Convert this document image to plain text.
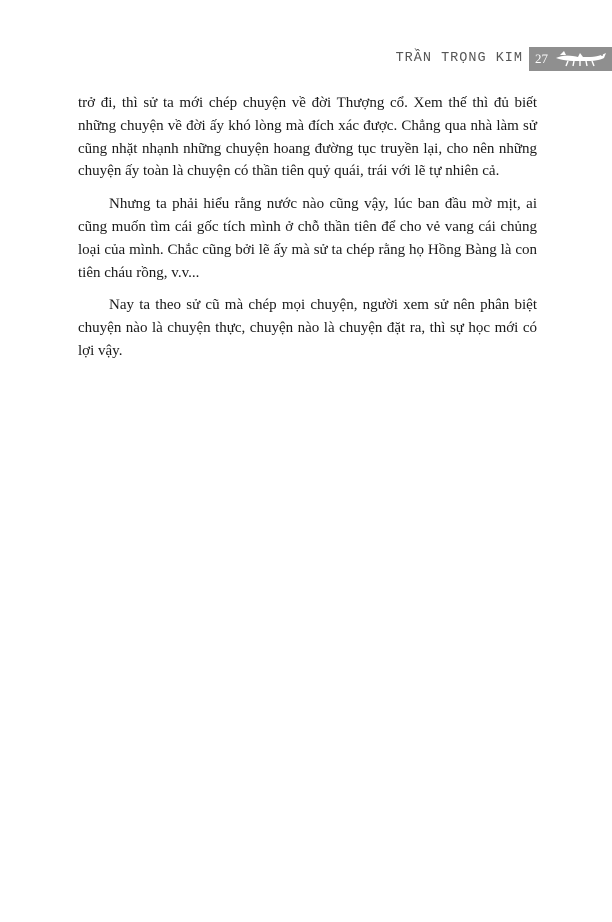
TRẦN TRỌNG KIM 27

trở đi, thì sử ta mới chép chuyện về đời Thượng cổ. Xem thế thì đủ biết những chuyện về đời ấy khó lòng mà đích xác được. Chẳng qua nhà làm sử cũng nhặt nhạnh những chuyện hoang đường tục truyền lại, cho nên những chuyện ấy toàn là chuyện có thần tiên quỷ quái, trái với lẽ tự nhiên cả.

Nhưng ta phải hiểu rằng nước nào cũng vậy, lúc ban đầu mờ mịt, ai cũng muốn tìm cái gốc tích mình ở chỗ thần tiên để cho vẻ vang cái chủng loại của mình. Chắc cũng bởi lẽ ấy mà sử ta chép rằng họ Hồng Bàng là con tiên cháu rồng, v.v...

Nay ta theo sử cũ mà chép mọi chuyện, người xem sử nên phân biệt chuyện nào là chuyện thực, chuyện nào là chuyện đặt ra, thì sự học mới có lợi vậy.
